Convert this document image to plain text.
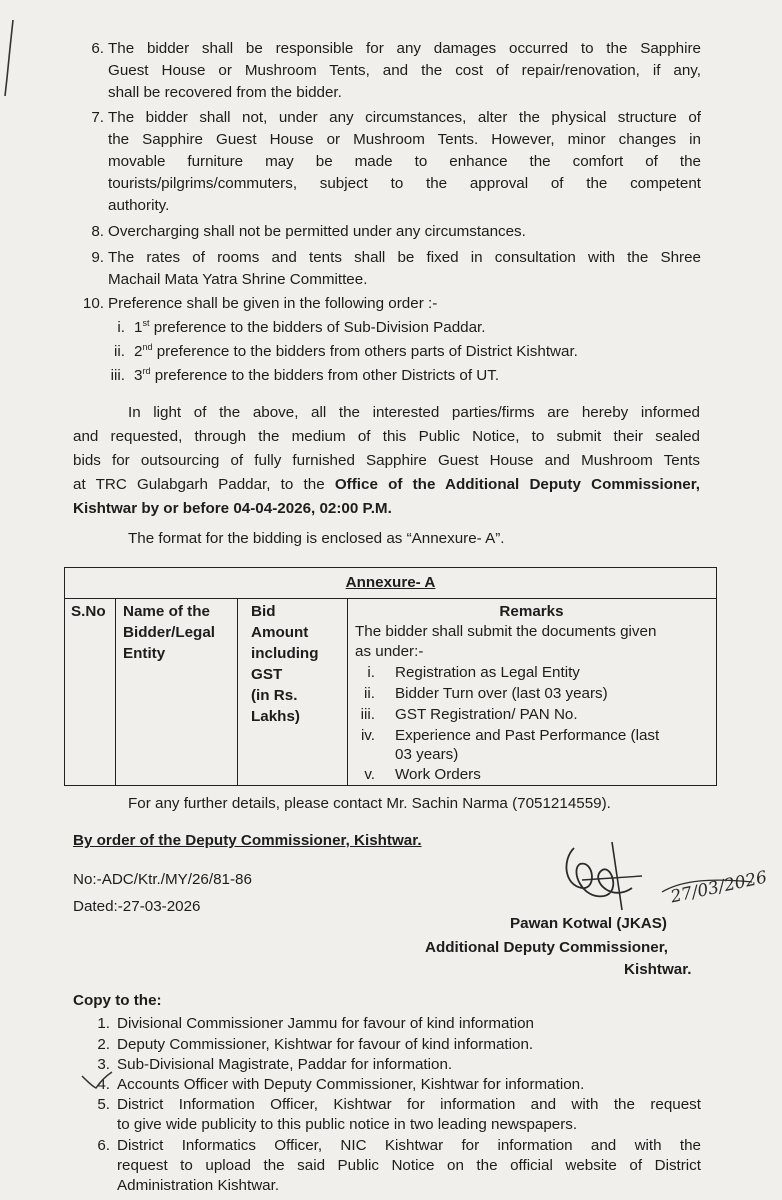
6. The bidder shall be responsible for any damages occurred to the Sapphire
Guest House or Mushroom Tents, and the cost of repair/renovation, if any,
shall be recovered from the bidder.
7. The bidder shall not, under any circumstances, alter the physical structure of
the Sapphire Guest House or Mushroom Tents. However, minor changes in
movable furniture may be made to enhance the comfort of the
tourists/pilgrims/commuters, subject to the approval of the competent
authority.
8. Overcharging shall not be permitted under any circumstances.
9. The rates of rooms and tents shall be fixed in consultation with the Shree
Machail Mata Yatra Shrine Committee.
10. Preference shall be given in the following order :-
i. 1st preference to the bidders of Sub-Division Paddar.
ii. 2nd preference to the bidders from others parts of District Kishtwar.
iii. 3rd preference to the bidders from other Districts of UT.
In light of the above, all the interested parties/firms are hereby informed
and requested, through the medium of this Public Notice, to submit their sealed
bids for outsourcing of fully furnished Sapphire Guest House and Mushroom Tents
at TRC Gulabgarh Paddar, to the Office of the Additional Deputy Commissioner,
Kishtwar by or before 04-04-2026, 02:00 P.M.
The format for the bidding is enclosed as “Annexure- A”.
Annexure- A
S.No Name of the
Bidder/Legal
Entity
Bid
Amount
including
GST
(in Rs.
Lakhs)
Remarks
The bidder shall submit the documents given
as under:-
i. Registration as Legal Entity
ii. Bidder Turn over (last 03 years)
iii. GST Registration/ PAN No.
iv. Experience and Past Performance (last
03 years)
v. Work Orders
For any further details, please contact Mr. Sachin Narma (7051214559).
By order of the Deputy Commissioner, Kishtwar.
No:-ADC/Ktr./MY/26/81-86
Dated:-27-03-2026	27/03/2026
Pawan Kotwal (JKAS)
Additional Deputy Commissioner,
Kishtwar.
Copy to the:
1. Divisional Commissioner Jammu for favour of kind information
2. Deputy Commissioner, Kishtwar for favour of kind information.
3. Sub-Divisional Magistrate, Paddar for information.
4. Accounts Officer with Deputy Commissioner, Kishtwar for information.
5. District Information Officer, Kishtwar for information and with the request
to give wide publicity to this public notice in two leading newspapers.
6. District Informatics Officer, NIC Kishtwar for information and with the
request to upload the said Public Notice on the official website of District
Administration Kishtwar.
